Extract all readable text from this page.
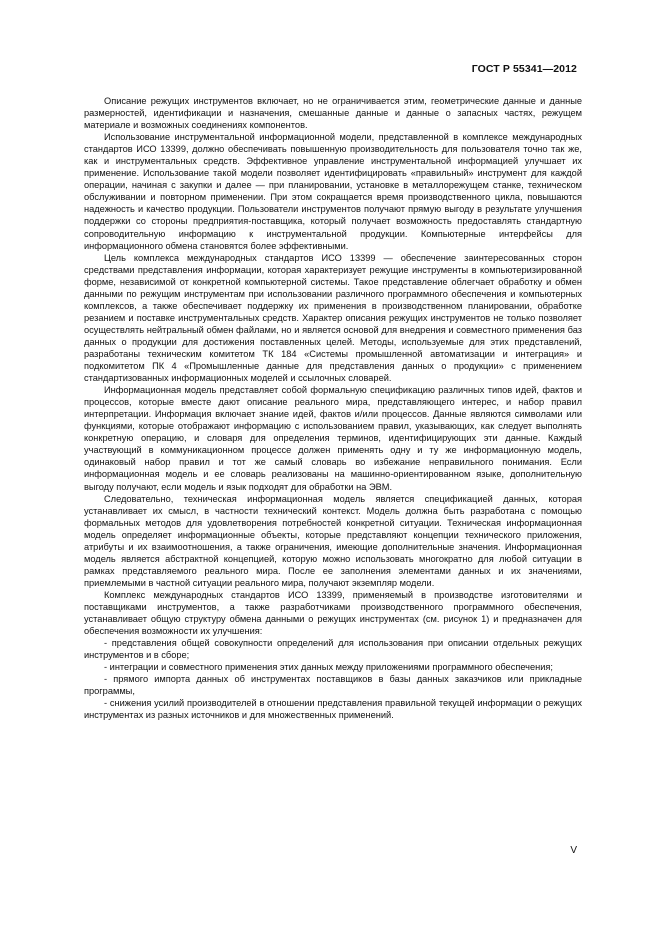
ГОСТ Р 55341—2012

Описание режущих инструментов включает, но не ограничивается этим, геометрические данные и данные размерностей, идентификации и назначения, смешанные данные и данные о запасных частях, режущем материале и возможных соединениях компонентов.

Использование инструментальной информационной модели, представленной в комплексе международных стандартов ИСО 13399, должно обеспечивать повышенную производительность для пользователя точно так же, как и инструментальных средств. Эффективное управление инструментальной информацией улучшает их применение. Использование такой модели позволяет идентифицировать «правильный» инструмент для каждой операции, начиная с закупки и далее — при планировании, установке в металлорежущем станке, техническом обслуживании и повторном применении. При этом сокращается время производственного цикла, повышаются надежность и качество продукции. Пользователи инструментов получают прямую выгоду в результате улучшения поддержки со стороны предприятия-поставщика, который получает возможность предоставлять стандартную сопроводительную информацию к инструментальной продукции. Компьютерные интерфейсы для информационного обмена становятся более эффективными.

Цель комплекса международных стандартов ИСО 13399 — обеспечение заинтересованных сторон средствами представления информации, которая характеризует режущие инструменты в компьютеризированной форме, независимой от конкретной компьютерной системы. Такое представление облегчает обработку и обмен данными по режущим инструментам при использовании различного программного обеспечения и компьютерных комплексов, а также обеспечивает поддержку их применения в производственном планировании, обработке резанием и поставке инструментальных средств. Характер описания режущих инструментов не только позволяет осуществлять нейтральный обмен файлами, но и является основой для внедрения и совместного применения баз данных о продукции для достижения поставленных целей. Методы, используемые для этих представлений, разработаны техническим комитетом ТК 184 «Системы промышленной автоматизации и интеграция» и подкомитетом ПК 4 «Промышленные данные для представления данных о продукции» с применением стандартизованных информационных моделей и ссылочных словарей.

Информационная модель представляет собой формальную спецификацию различных типов идей, фактов и процессов, которые вместе дают описание реального мира, представляющего интерес, и набор правил интерпретации. Информация включает знание идей, фактов и/или процессов. Данные являются символами или функциями, которые отображают информацию с использованием правил, указывающих, как следует выполнять конкретную операцию, и словаря для определения терминов, идентифицирующих эти данные. Каждый участвующий в коммуникационном процессе должен применять одну и ту же информационную модель, одинаковый набор правил и тот же самый словарь во избежание неправильного понимания. Если информационная модель и ее словарь реализованы на машинно-ориентированном языке, дополнительную выгоду получают, если модель и язык подходят для обработки на ЭВМ.

Следовательно, техническая информационная модель является спецификацией данных, которая устанавливает их смысл, в частности технический контекст. Модель должна быть разработана с помощью формальных методов для удовлетворения потребностей конкретной ситуации. Техническая информационная модель определяет информационные объекты, которые представляют концепции технического приложения, атрибуты и их взаимоотношения, а также ограничения, имеющие дополнительные значения. Информационная модель является абстрактной концепцией, которую можно использовать многократно для любой ситуации в рамках представляемого реального мира. После ее заполнения элементами данных и их значениями, приемлемыми в частной ситуации реального мира, получают экземпляр модели.

Комплекс международных стандартов ИСО 13399, применяемый в производстве изготовителями и поставщиками инструментов, а также разработчиками производственного программного обеспечения, устанавливает общую структуру обмена данными о режущих инструментах (см. рисунок 1) и предназначен для обеспечения возможности их улучшения:

- представления общей совокупности определений для использования при описании отдельных режущих инструментов и в сборе;

- интеграции и совместного применения этих данных между приложениями программного обеспечения;

- прямого импорта данных об инструментах поставщиков в базы данных заказчиков или прикладные программы,

- снижения усилий производителей в отношении представления правильной текущей информации о режущих инструментах из разных источников и для множественных применений.

V
